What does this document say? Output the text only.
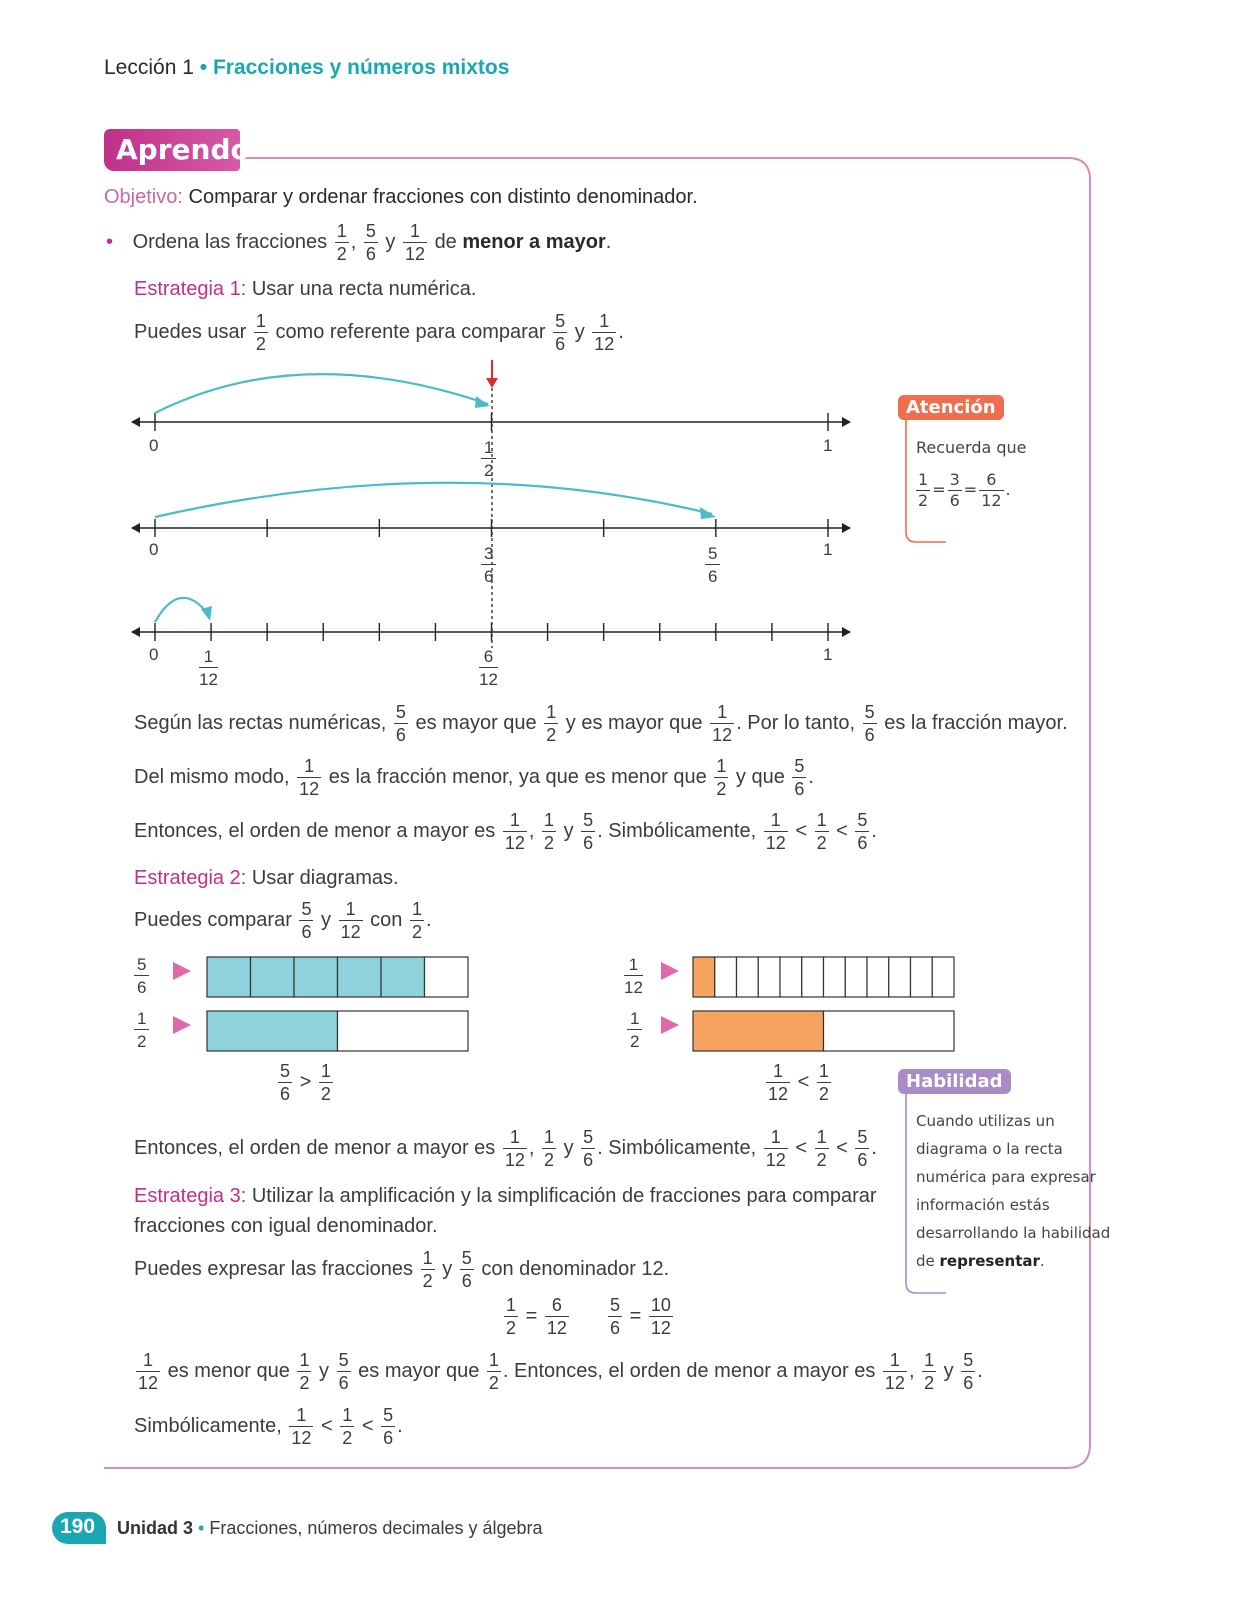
Lección 1 • Fracciones y números mixtos
Aprendo
Objetivo: Comparar y ordenar fracciones con distinto denominador.
• Ordena las fracciones $\frac{1}{2}$ , $\frac{5}{6}$ y $\frac{1}{12}$ de menor a mayor.
Estrategia 1: Usar una recta numérica.
Puedes usar $\frac{1}{2}$ como referente para comparar $\frac{5}{6}$ y $\frac{1}{12}$ .
0	1
1
2
0	1
3
6
5
6
0	1
1
12
6
12
Atención
Recuerda que
$\frac{1}{2} = \frac{3}{6} = \frac{6}{12}$ .
Según las rectas numéricas, $\frac{5}{6}$ es mayor que $\frac{1}{2}$ y es mayor que $\frac{1}{12}$ . Por lo tanto, $\frac{5}{6}$ es la fracción mayor.
Del mismo modo, $\frac{1}{12}$ es la fracción menor, ya que es menor que $\frac{1}{2}$ y que $\frac{5}{6}$ .
Entonces, el orden de menor a mayor es $\frac{1}{12}$ , $\frac{1}{2}$ y $\frac{5}{6}$ . Simbólicamente, $\frac{1}{12} < \frac{1}{2} < \frac{5}{6}$ .
Estrategia 2: Usar diagramas.
Puedes comparar $\frac{5}{6}$ y $\frac{1}{12}$ con $\frac{1}{2}$ .
5
6
1
2
1
12
1
2
$\frac{5}{6} > \frac{1}{2}$	$\frac{1}{12} < \frac{1}{2}$	Habilidad
Cuando utilizas un
diagrama o la recta
numérica para expresar
información estás
desarrollando la habilidad
de representar.
Entonces, el orden de menor a mayor es $\frac{1}{12}$ , $\frac{1}{2}$ y $\frac{5}{6}$ . Simbólicamente, $\frac{1}{12} < \frac{1}{2} < \frac{5}{6}$ .
Estrategia 3: Utilizar la amplificación y la simplificación de fracciones para comparar
fracciones con igual denominador.
Puedes expresar las fracciones $\frac{1}{2}$ y $\frac{5}{6}$ con denominador 12.
$\frac{1}{2} = \frac{6}{12}$
$\frac{5}{6} = \frac{10}{12}$
$\frac{1}{12}$ es menor que $\frac{1}{2}$ y $\frac{5}{6}$ es mayor que $\frac{1}{2}$ . Entonces, el orden de menor a mayor es $\frac{1}{12}$ , $\frac{1}{2}$ y $\frac{5}{6}$ .
Simbólicamente, $\frac{1}{12} < \frac{1}{2} < \frac{5}{6}$ .
190 Unidad 3 • Fracciones, números decimales y álgebra
